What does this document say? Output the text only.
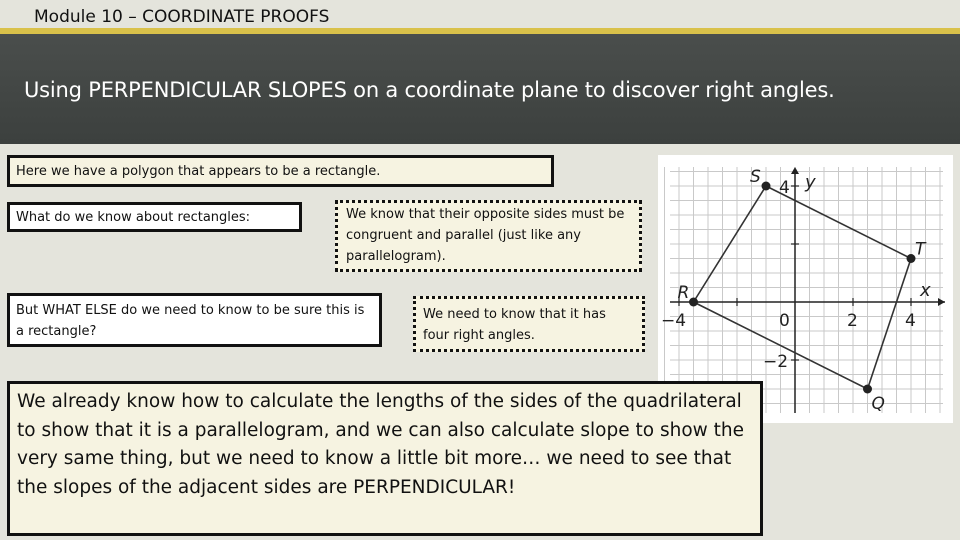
Module 10 – COORDINATE PROOFS
Using PERPENDICULAR SLOPES on a coordinate plane to discover right angles.
Here we have a polygon that appears to be a rectangle.
What do we know about rectangles:	We know that their opposite sides must be congruent and parallel (just like any parallelogram).
But WHAT ELSE do we need to know to be sure this is a rectangle?
We need to know that it has four right angles.
S
T
Q
R
−4	0	2	4
4
−2
y
x
We already know how to calculate the lengths of the sides of the quadrilateral to show that it is a parallelogram, and we can also calculate slope to show the very same thing, but we need to know a little bit more… we need to see that the slopes of the adjacent sides are PERPENDICULAR!
